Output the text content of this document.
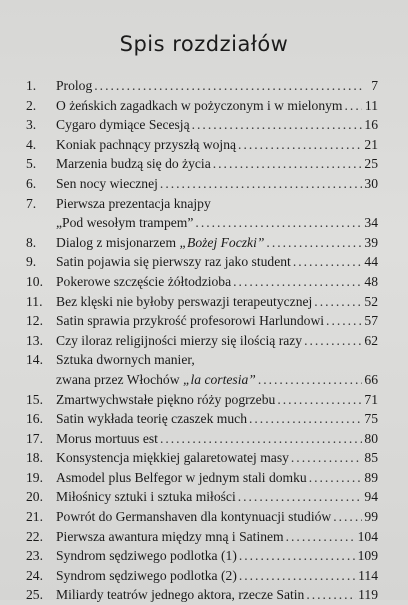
Spis rozdziałów
1.	Prolog .....	7
2.	O żeńskich zagadkach w pożyczonym i w mielonym ..... 11
3.	Cygaro dymiące Secesją .....	16
4.	Koniak pachnący przyszłą wojną .....	21
5.	Marzenia budzą się do życia .....	25
6.	Sen nocy wiecznej .....	30
7.	Pierwsza prezentacja knajpy
„Pod wesołym trampem” .....	34
8.	Dialog z misjonarzem „Bożej Foczki” .....	39
9.	Satin pojawia się pierwszy raz jako student .....	44
10. Pokerowe szczęście żółtodzioba .....	48
11. Bez klęski nie byłoby perswazji terapeutycznej .....	52
12. Satin sprawia przykrość profesorowi Harlundowi .....	57
13. Czy iloraz religijności mierzy się ilością razy .....	62
14. Sztuka dwornych manier,
zwana przez Włochów „la cortesia” .....	66
15. Zmartwychwstałe piękno róży pogrzebu .....	71
16. Satin wykłada teorię czaszek much .....	75
17. Morus mortuus est .....	80
18. Konsystencja miękkiej galaretowatej masy .....	85
19. Asmodel plus Belfegor w jednym stali domku .....	89
20. Miłośnicy sztuki i sztuka miłości .....	94
21. Powrót do Germanshaven dla kontynuacji studiów ..... 99
22. Pierwsza awantura między mną i Satinem .....	104
23. Syndrom sędziwego podlotka (1) .....	109
24. Syndrom sędziwego podlotka (2) .....	114
25. Miliardy teatrów jednego aktora, rzecze Satin .....	119
